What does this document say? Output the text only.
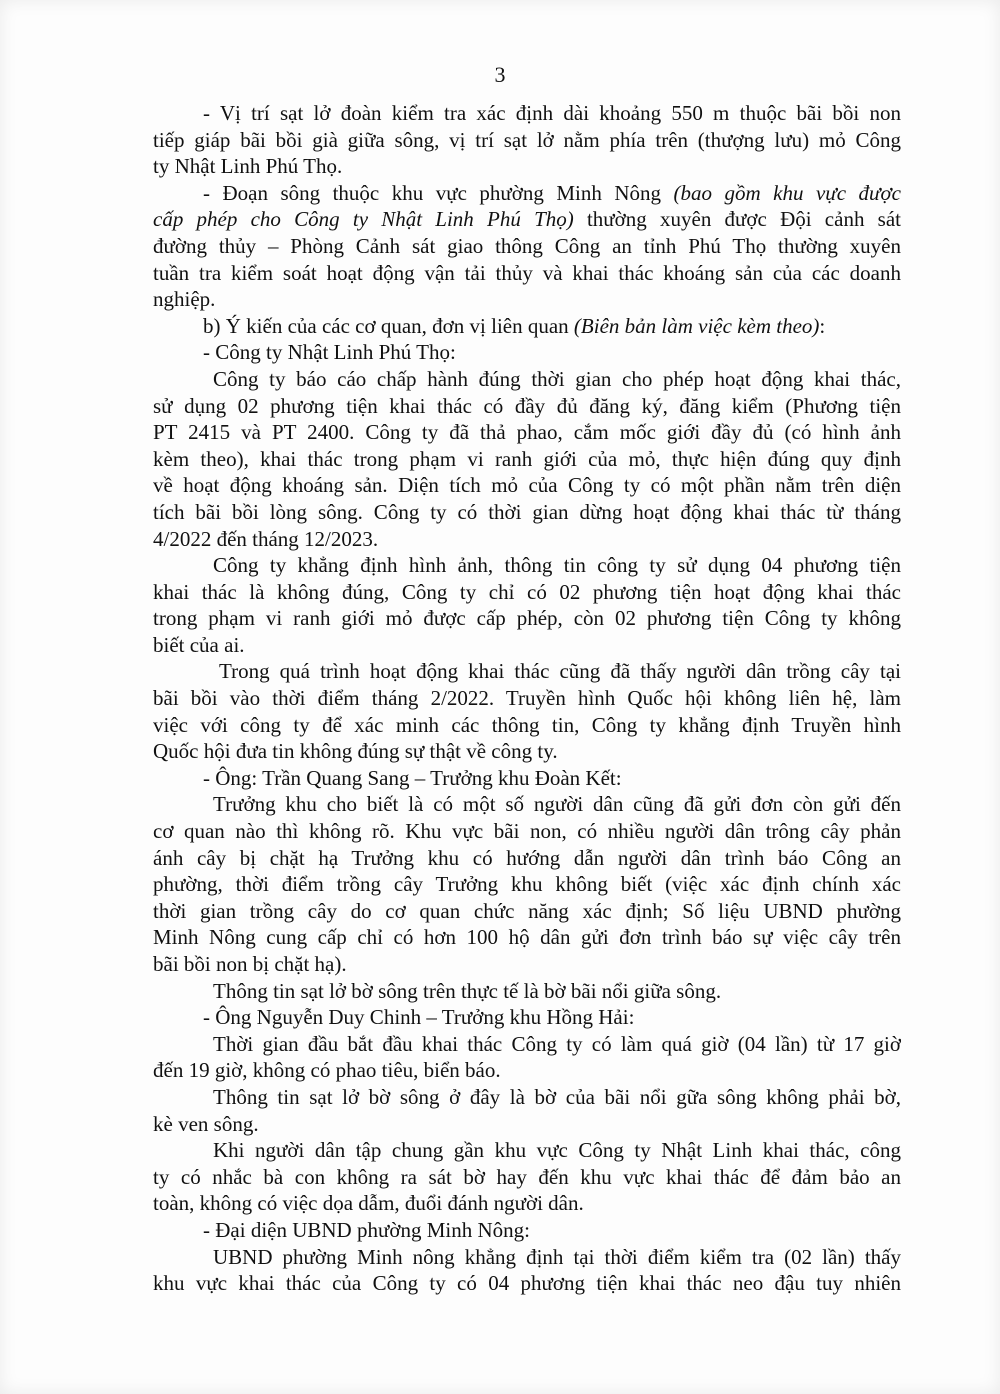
3
- Vị trí sạt lở đoàn kiểm tra xác định dài khoảng 550 m thuộc bãi bồi non
tiếp giáp bãi bồi già giữa sông, vị trí sạt lở nằm phía trên (thượng lưu) mỏ Công
ty Nhật Linh Phú Thọ.
- Đoạn sông thuộc khu vực phường Minh Nông (bao gồm khu vực được
cấp phép cho Công ty Nhật Linh Phú Thọ) thường xuyên được Đội cảnh sát
đường thủy – Phòng Cảnh sát giao thông Công an tỉnh Phú Thọ thường xuyên
tuần tra kiểm soát hoạt động vận tải thủy và khai thác khoáng sản của các doanh
nghiệp.
b) Ý kiến của các cơ quan, đơn vị liên quan (Biên bản làm việc kèm theo):
- Công ty Nhật Linh Phú Thọ:
Công ty báo cáo chấp hành đúng thời gian cho phép hoạt động khai thác,
sử dụng 02 phương tiện khai thác có đầy đủ đăng ký, đăng kiểm (Phương tiện
PT 2415 và PT 2400. Công ty đã thả phao, cắm mốc giới đầy đủ (có hình ảnh
kèm theo), khai thác trong phạm vi ranh giới của mỏ, thực hiện đúng quy định
về hoạt động khoáng sản. Diện tích mỏ của Công ty có một phần nằm trên diện
tích bãi bồi lòng sông. Công ty có thời gian dừng hoạt động khai thác từ tháng
4/2022 đến tháng 12/2023.
Công ty khẳng định hình ảnh, thông tin công ty sử dụng 04 phương tiện
khai thác là không đúng, Công ty chỉ có 02 phương tiện hoạt động khai thác
trong phạm vi ranh giới mỏ được cấp phép, còn 02 phương tiện Công ty không
biết của ai.
Trong quá trình hoạt động khai thác cũng đã thấy người dân trồng cây tại
bãi bồi vào thời điểm tháng 2/2022. Truyền hình Quốc hội không liên hệ, làm
việc với công ty để xác minh các thông tin, Công ty khẳng định Truyền hình
Quốc hội đưa tin không đúng sự thật về công ty.
- Ông: Trần Quang Sang – Trưởng khu Đoàn Kết:
Trưởng khu cho biết là có một số người dân cũng đã gửi đơn còn gửi đến
cơ quan nào thì không rõ. Khu vực bãi non, có nhiều người dân trông cây phản
ánh cây bị chặt hạ Trưởng khu có hướng dẫn người dân trình báo Công an
phường, thời điểm trồng cây Trưởng khu không biết (việc xác định chính xác
thời gian trồng cây do cơ quan chức năng xác định; Số liệu UBND phường
Minh Nông cung cấp chỉ có hơn 100 hộ dân gửi đơn trình báo sự việc cây trên
bãi bồi non bị chặt hạ).
Thông tin sạt lở bờ sông trên thực tế là bờ bãi nổi giữa sông.
- Ông Nguyễn Duy Chinh – Trưởng khu Hồng Hải:
Thời gian đầu bắt đầu khai thác Công ty có làm quá giờ (04 lần) từ 17 giờ
đến 19 giờ, không có phao tiêu, biển báo.
Thông tin sạt lở bờ sông ở đây là bờ của bãi nổi gữa sông không phải bờ,
kè ven sông.
Khi người dân tập chung gần khu vực Công ty Nhật Linh khai thác, công
ty có nhắc bà con không ra sát bờ hay đến khu vực khai thác để đảm bảo an
toàn, không có việc dọa dẫm, đuổi đánh người dân.
- Đại diện UBND phường Minh Nông:
UBND phường Minh nông khẳng định tại thời điểm kiểm tra (02 lần) thấy
khu vực khai thác của Công ty có 04 phương tiện khai thác neo đậu tuy nhiên
